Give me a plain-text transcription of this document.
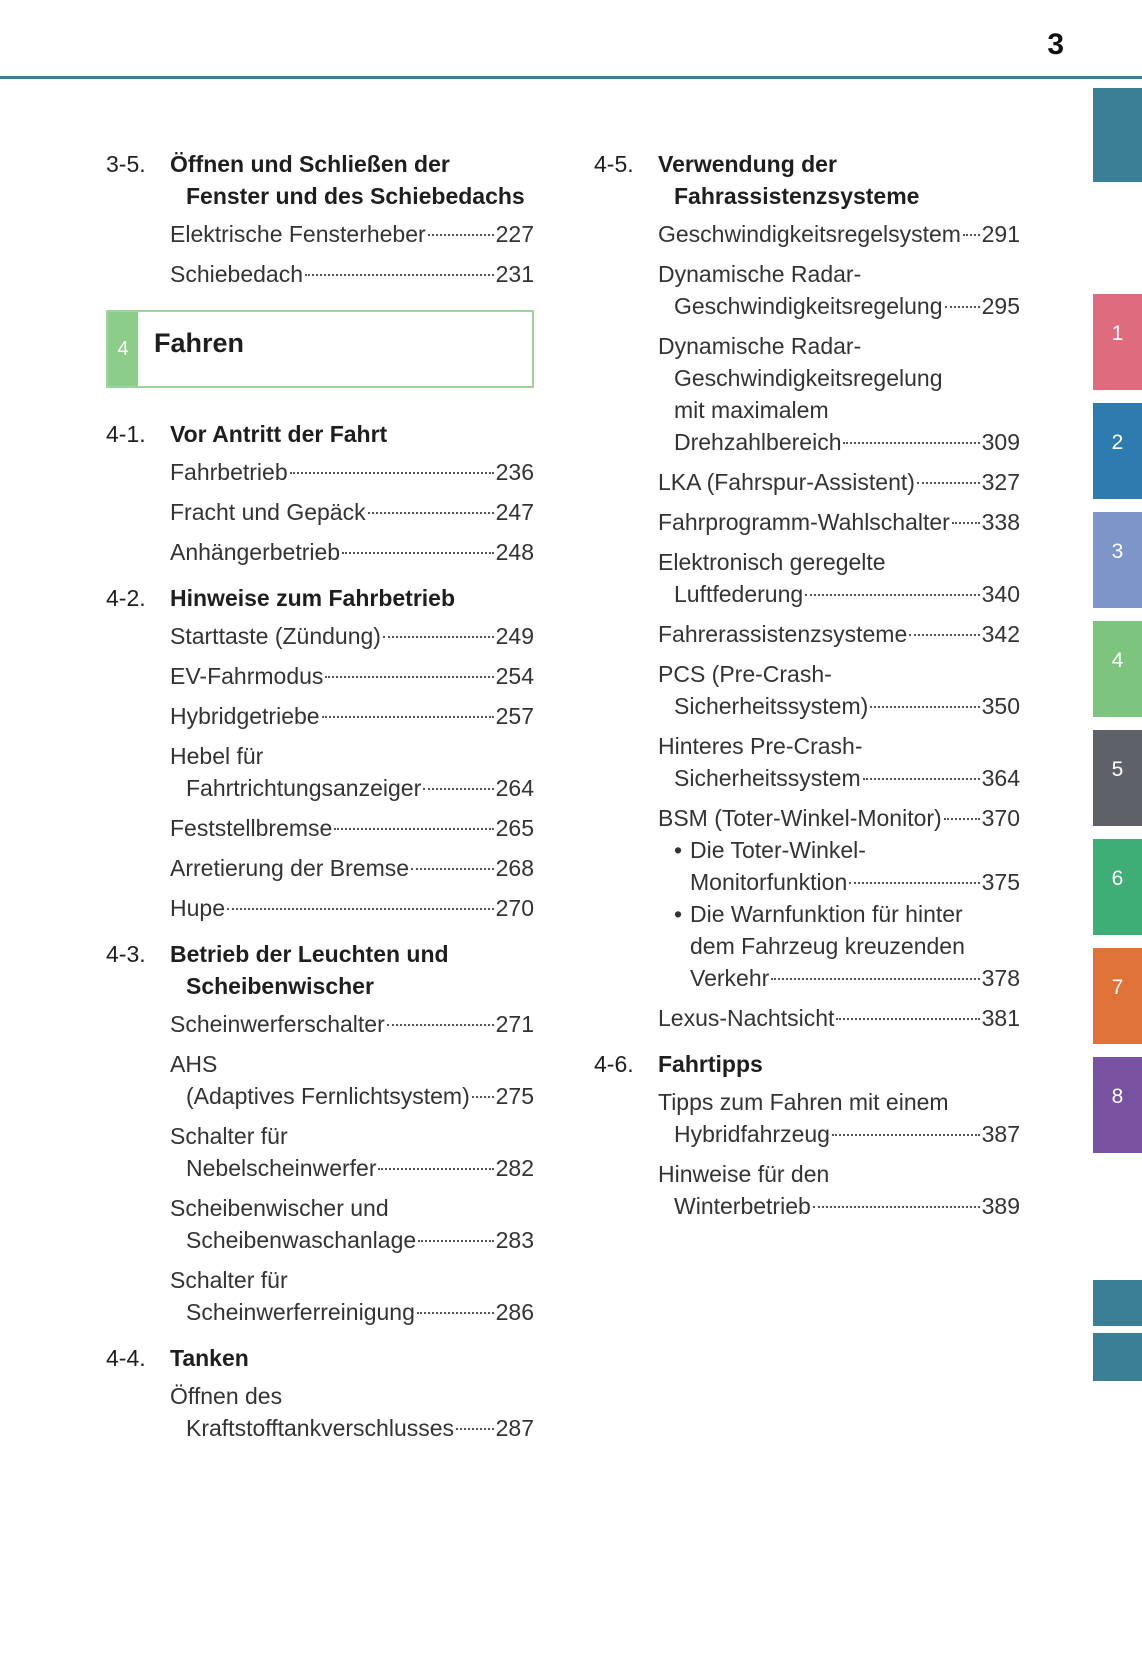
3
3-5. Öffnen und Schließen der
Fenster und des Schiebedachs
Elektrische Fensterheber	227
Schiebedach	231
4 Fahren
4-1. Vor Antritt der Fahrt
Fahrbetrieb	236
Fracht und Gepäck	247
Anhängerbetrieb	248
4-2. Hinweise zum Fahrbetrieb
Starttaste (Zündung)	249
EV-Fahrmodus	254
Hybridgetriebe	257
Hebel für
Fahrtrichtungsanzeiger	264
Feststellbremse	265
Arretierung der Bremse	268
Hupe	270
4-3. Betrieb der Leuchten und
Scheibenwischer
Scheinwerferschalter	271
AHS
(Adaptives Fernlichtsystem) 275
Schalter für
Nebelscheinwerfer	282
Scheibenwischer und
Scheibenwaschanlage	283
Schalter für
Scheinwerferreinigung	286
4-4. Tanken
Öffnen des
Kraftstofftankverschlusses 287
4-5. Verwendung der
Fahrassistenzsysteme
Geschwindigkeitsregelsystem 291
Dynamische Radar-
Geschwindigkeitsregelung 295
Dynamische Radar-
Geschwindigkeitsregelung
mit maximalem
Drehzahlbereich	309
LKA (Fahrspur-Assistent)	327
Fahrprogramm-Wahlschalter 338
Elektronisch geregelte
Luftfederung	340
Fahrerassistenzsysteme	342
PCS (Pre-Crash-
Sicherheitssystem)	350
Hinteres Pre-Crash-
Sicherheitssystem	364
BSM (Toter-Winkel-Monitor) 370
• Die Toter-Winkel-
Monitorfunktion	375
• Die Warnfunktion für hinter
dem Fahrzeug kreuzenden
Verkehr	378
Lexus-Nachtsicht	381
4-6. Fahrtipps
Tipps zum Fahren mit einem
Hybridfahrzeug	387
Hinweise für den
Winterbetrieb	389
1
2
3
4
5
6
7
8
